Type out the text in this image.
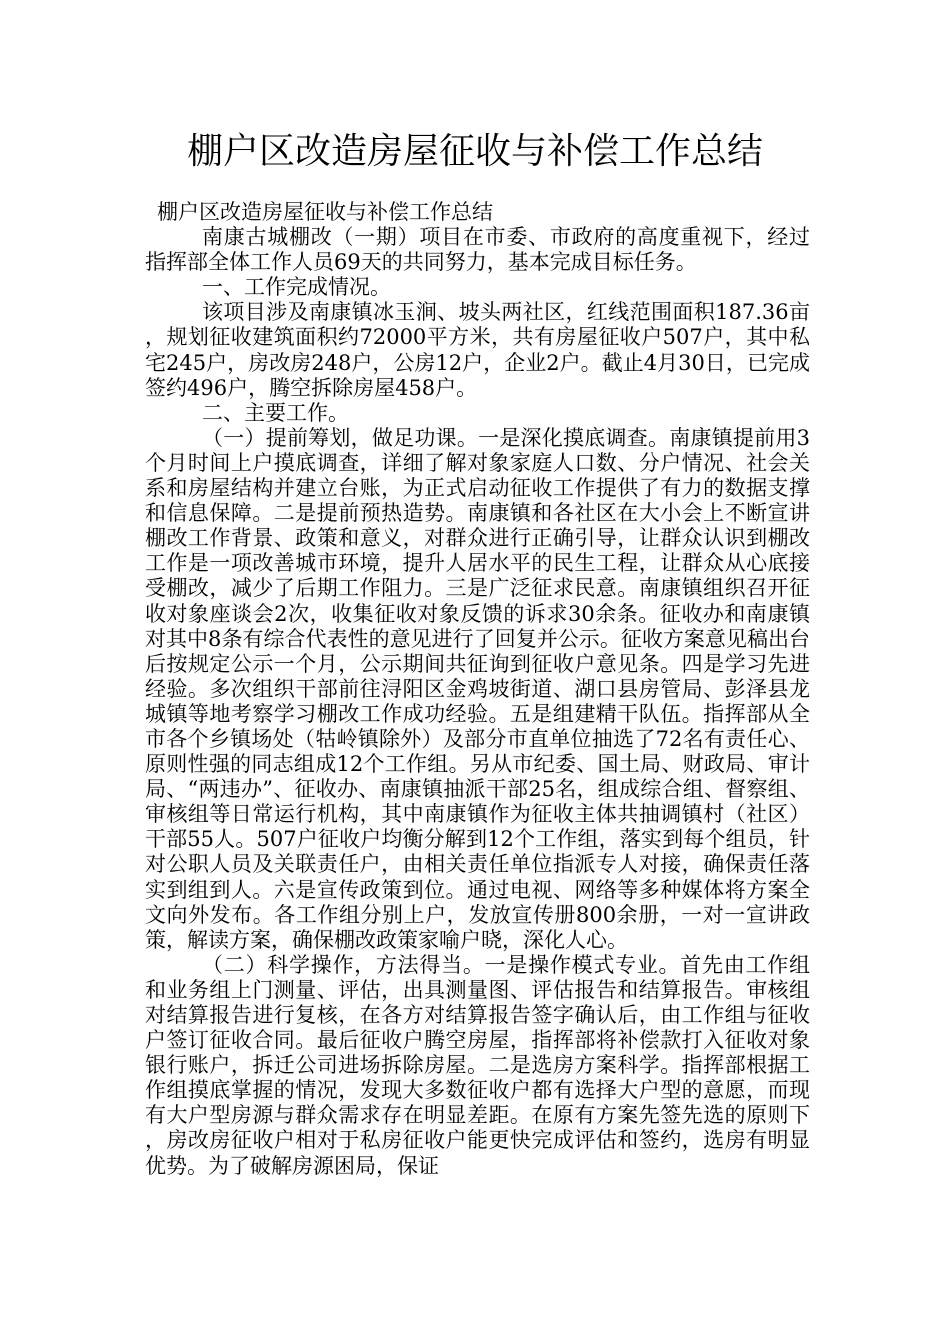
棚户区改造房屋征收与补偿工作总结

棚户区改造房屋征收与补偿工作总结

南康古城棚改（一期）项目在市委、市政府的高度重视下，经过指挥部全体工作人员69天的共同努力，基本完成目标任务。

一、工作完成情况。

该项目涉及南康镇冰玉涧、坡头两社区，红线范围面积187.36亩，规划征收建筑面积约72000平方米，共有房屋征收户507户，其中私宅245户，房改房248户，公房12户，企业2户。截止4月30日，已完成签约496户，腾空拆除房屋458户。

二、主要工作。

（一）提前筹划，做足功课。一是深化摸底调查。南康镇提前用3个月时间上户摸底调查，详细了解对象家庭人口数、分户情况、社会关系和房屋结构并建立台账，为正式启动征收工作提供了有力的数据支撑和信息保障。二是提前预热造势。南康镇和各社区在大小会上不断宣讲棚改工作背景、政策和意义，对群众进行正确引导，让群众认识到棚改工作是一项改善城市环境，提升人居水平的民生工程，让群众从心底接受棚改，减少了后期工作阻力。三是广泛征求民意。南康镇组织召开征收对象座谈会2次，收集征收对象反馈的诉求30余条。征收办和南康镇对其中8条有综合代表性的意见进行了回复并公示。征收方案意见稿出台后按规定公示一个月，公示期间共征询到征收户意见条。四是学习先进经验。多次组织干部前往浔阳区金鸡坡街道、湖口县房管局、彭泽县龙城镇等地考察学习棚改工作成功经验。五是组建精干队伍。指挥部从全市各个乡镇场处（牯岭镇除外）及部分市直单位抽选了72名有责任心、原则性强的同志组成12个工作组。另从市纪委、国土局、财政局、审计局、“两违办”、征收办、南康镇抽派干部25名，组成综合组、督察组、审核组等日常运行机构，其中南康镇作为征收主体共抽调镇村（社区）干部55人。507户征收户均衡分解到12个工作组，落实到每个组员，针对公职人员及关联责任户，由相关责任单位指派专人对接，确保责任落实到组到人。六是宣传政策到位。通过电视、网络等多种媒体将方案全文向外发布。各工作组分别上户，发放宣传册800余册，一对一宣讲政策，解读方案，确保棚改政策家喻户晓，深化人心。

（二）科学操作，方法得当。一是操作模式专业。首先由工作组和业务组上门测量、评估，出具测量图、评估报告和结算报告。审核组对结算报告进行复核，在各方对结算报告签字确认后，由工作组与征收户签订征收合同。最后征收户腾空房屋，指挥部将补偿款打入征收对象银行账户，拆迁公司进场拆除房屋。二是选房方案科学。指挥部根据工作组摸底掌握的情况，发现大多数征收户都有选择大户型的意愿，而现有大户型房源与群众需求存在明显差距。在原有方案先签先选的原则下，房改房征收户相对于私房征收户能更快完成评估和签约，选房有明显优势。为了破解房源困局，保证
